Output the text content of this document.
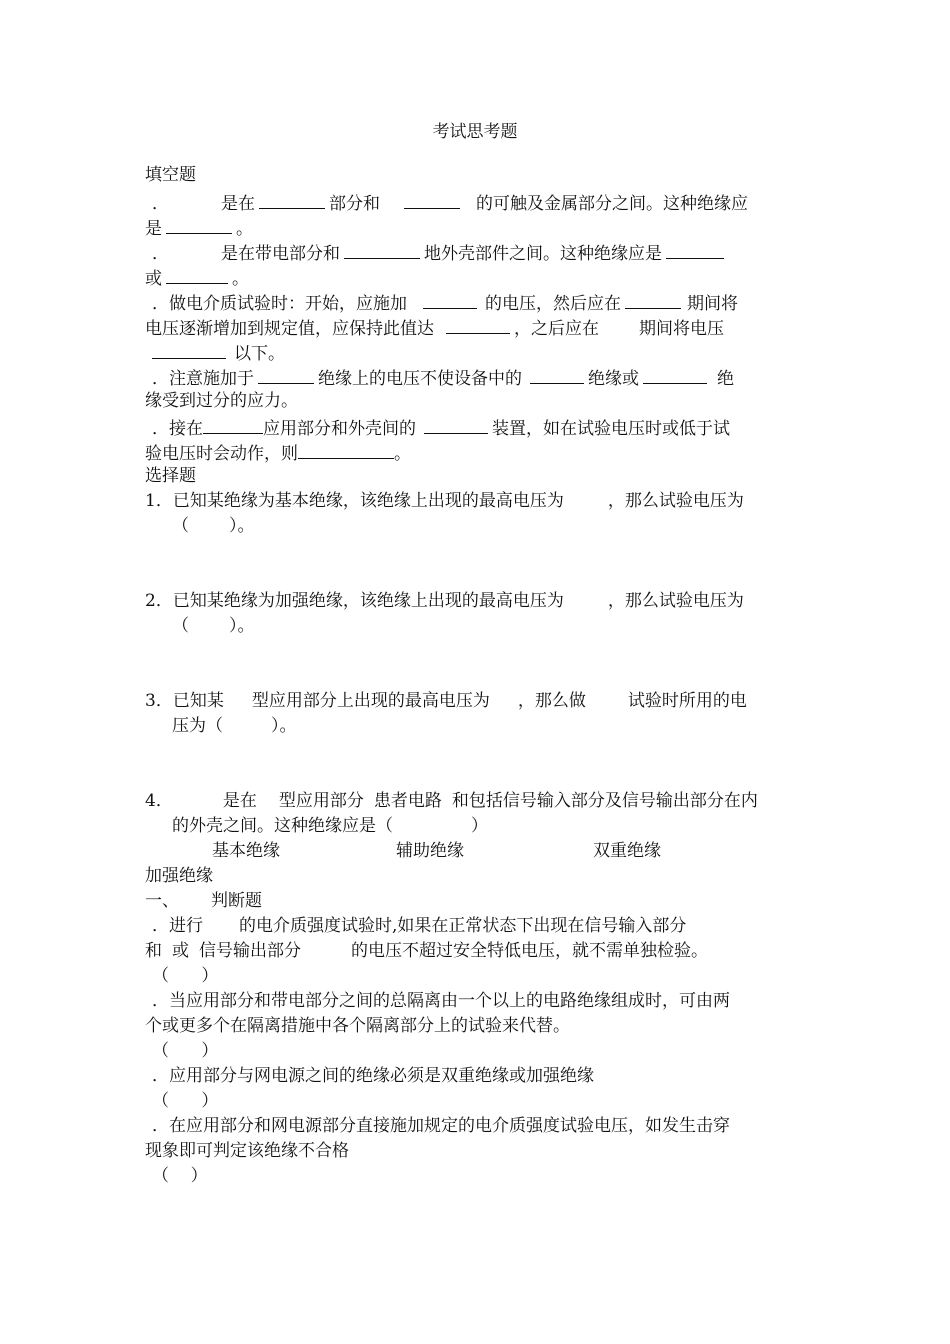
考试思考题
填空题
．	是在	部分和	的可触及金属部分之间。这种绝缘应
是	。
．	是在带电部分和	地外壳部件之间。这种绝缘应是
或	。
．做电介质试验时：开始，应施加	的电压，然后应在	期间将
电压逐渐增加到规定值，应保持此值达	，之后应在 期间将电压
以下。
．注意施加于	绝缘上的电压不使设备中的	绝缘或	绝
缘受到过分的应力。
．接在	应用部分和外壳间的	装置，如在试验电压时或低于试
验电压时会动作，则	。
选择题
1．已知某绝缘为基本绝缘，该绝缘上出现的最高电压为	，那么试验电压为
（ ）。
2．已知某绝缘为加强绝缘，该绝缘上出现的最高电压为	，那么试验电压为
（ ）。
3．已知某 型应用部分上出现的最高电压为 ，那么做 试验时所用的电
压为（	）。
4．	是在 型应用部分 患者电路 和包括信号输入部分及信号输出部分在内
的外壳之间。这种绝缘应是（	）
基本绝缘	辅助绝缘	双重绝缘
加强绝缘
一、 判断题
．进行 的电介质强度试验时,如果在正常状态下出现在信号输入部分
和 或 信号输出部分	的电压不超过安全特低电压，就不需单独检验。
（      ）
．当应用部分和带电部分之间的总隔离由一个以上的电路绝缘组成时，可由两
个或更多个在隔离措施中各个隔离部分上的试验来代替。
（      ）
．应用部分与网电源之间的绝缘必须是双重绝缘或加强绝缘
（      ）
．在应用部分和网电源部分直接施加规定的电介质强度试验电压，如发生击穿
现象即可判定该绝缘不合格
（    ）
